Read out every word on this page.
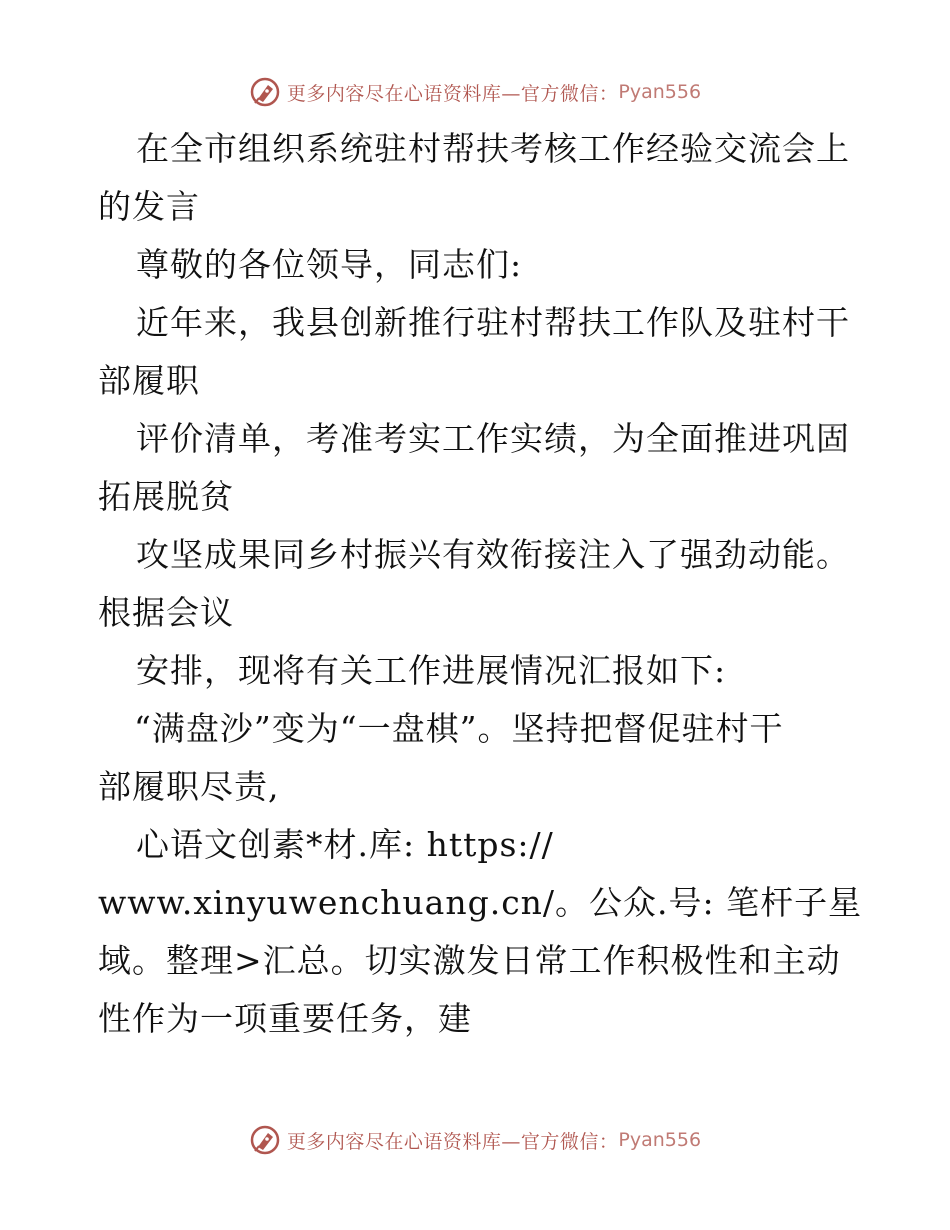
更多内容尽在心语资料库—官方微信： Pyan556
在全市组织系统驻村帮扶考核工作经验交流会上
的发言
尊敬的各位领导，同志们:
近年来，我县创新推行驻村帮扶工作队及驻村干
部履职
评价清单，考准考实工作实绩，为全面推进巩固
拓展脱贫
攻坚成果同乡村振兴有效衔接注入了强劲动能。
根据会议
安排，现将有关工作进展情况汇报如下:
“满盘沙”变为“一盘棋”。坚持把督促驻村干
部履职尽责,
心语文创素*材.库: https://
www.xinyuwenchuang.cn/。公众.号: 笔杆子星
域。整理>汇总。切实激发日常工作积极性和主动
性作为一项重要任务，建
更多内容尽在心语资料库—官方微信： Pyan556
